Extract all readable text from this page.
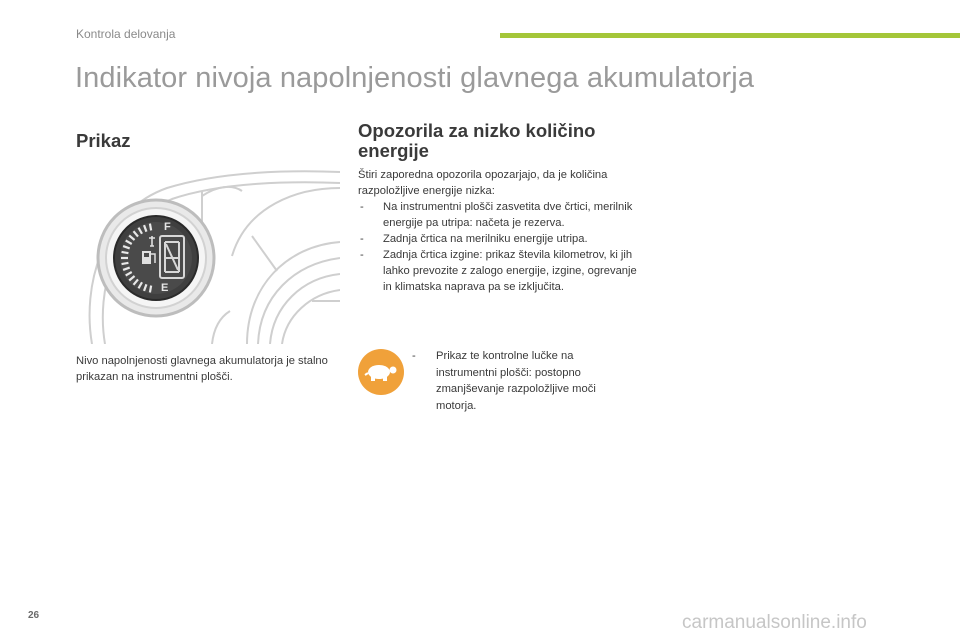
Kontrola delovanja
Indikator nivoja napolnjenosti glavnega akumulatorja
Prikaz
F
E
Nivo napolnjenosti glavnega akumulatorja je stalno prikazan na instrumentni plošči.
Opozorila za nizko količino energije
Štiri zaporedna opozorila opozarjajo, da je količina razpoložljive energije nizka:
-
Na instrumentni plošči zasvetita dve črtici, merilnik energije pa utripa: načeta je rezerva.
-
Zadnja črtica na merilniku energije utripa.
-
Zadnja črtica izgine: prikaz števila kilometrov, ki jih lahko prevozite z zalogo energije, izgine, ogrevanje in klimatska naprava pa se izključita.
-
Prikaz te kontrolne lučke na instrumentni plošči: postopno zmanjševanje razpoložljive moči motorja.
26	carmanualsonline.info
